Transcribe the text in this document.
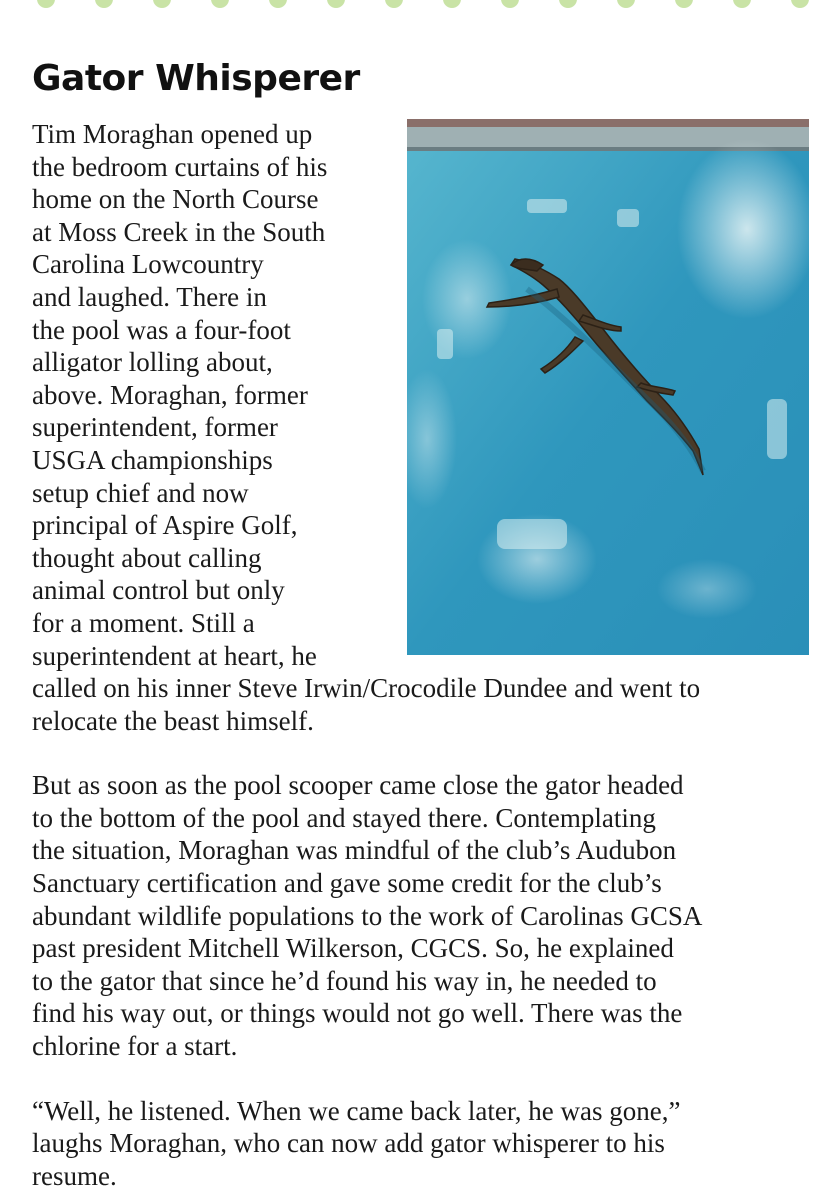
Gator Whisperer
Tim Moraghan opened up
the bedroom curtains of his
home on the North Course
at Moss Creek in the South
Carolina Lowcountry
and laughed. There in
the pool was a four-foot
alligator lolling about,
above. Moraghan, former
superintendent, former
USGA championships
setup chief and now
principal of Aspire Golf,
thought about calling
animal control but only
for a moment. Still a
superintendent at heart, he
called on his inner Steve Irwin/Crocodile Dundee and went to
relocate the beast himself.
But as soon as the pool scooper came close the gator headed
to the bottom of the pool and stayed there. Contemplating
the situation, Moraghan was mindful of the club’s Audubon
Sanctuary certification and gave some credit for the club’s
abundant wildlife populations to the work of Carolinas GCSA
past president Mitchell Wilkerson, CGCS. So, he explained
to the gator that since he’d found his way in, he needed to
find his way out, or things would not go well. There was the
chlorine for a start.
“Well, he listened. When we came back later, he was gone,”
laughs Moraghan, who can now add gator whisperer to his
resume.
